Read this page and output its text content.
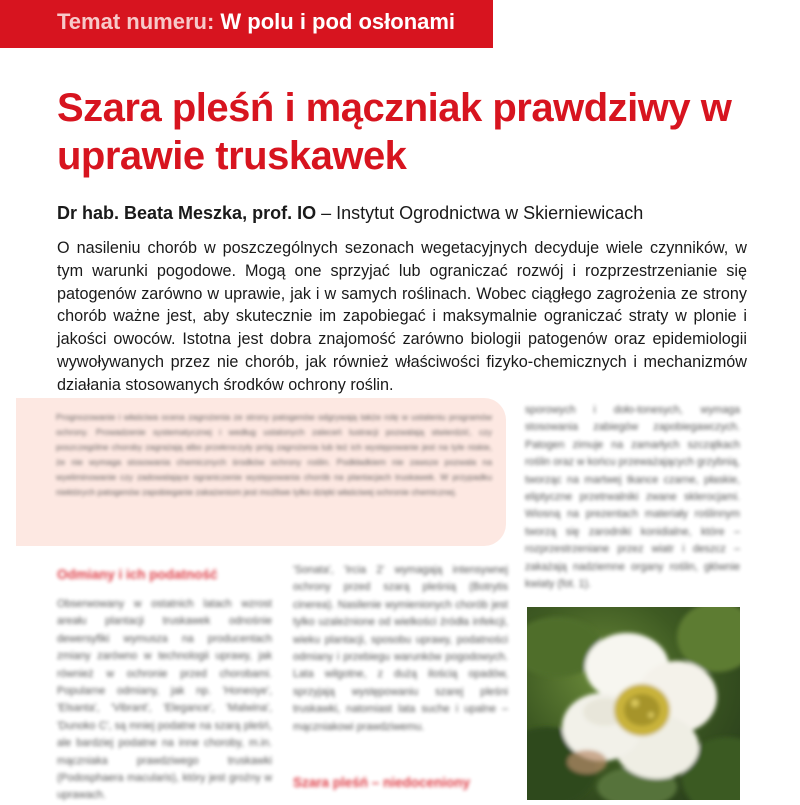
Temat numeru: W polu i pod osłonami
Szara pleśń i mączniak prawdziwy w uprawie truskawek
Dr hab. Beata Meszka, prof. IO – Instytut Ogrodnictwa w Skierniewicach

O nasileniu chorób w poszczególnych sezonach wegetacyjnych decyduje wiele czynników, w tym warunki pogodowe. Mogą one sprzyjać lub ograniczać rozwój i rozprzestrzenianie się patogenów zarówno w uprawie, jak i w samych roślinach. Wobec ciągłego zagrożenia ze strony chorób ważne jest, aby skutecznie im zapobiegać i maksymalnie ograniczać straty w plonie i jakości owoców. Istotna jest dobra znajomość zarówno biologii patogenów oraz epidemiologii wywoływanych przez nie chorób, jak również właściwości fizyko-chemicznych i mechanizmów działania stosowanych środków ochrony roślin.

Prognozowanie i właściwa ocena zagrożenia ze strony patogenów odgrywają także rolę w ustaleniu programów ochrony. Prowadzenie systematycznej i według ustalonych zaleceń lustracji pozwalają stwierdzić, czy poszczególne choroby zagrażają albo przekroczyły próg zagrożenia lub też ich występowanie jest na tyle niskie, że nie wymaga stosowania chemicznych środków ochrony roślin. Podkładkiem nie zawsze pozwala na wyeliminowanie czy zadowalające ograniczenie występowania chorób na plantacjach truskawek. W przypadku niektórych patogenów zapobieganie zakażeniom jest możliwe tylko dzięki właściwej ochronie chemicznej.

Odmiany i ich podatność

Obserwowany w ostatnich latach wzrost areału plantacji truskawek odnośnie dewersyfiki wymusza na producentach zmiany zarówno w technologii uprawy, jak również w ochronie przed chorobami. Popularne odmiany, jak np. 'Honeoye', 'Elsanta', 'Vibrant', 'Elegance', 'Malwina', 'Dunoko C', są mniej podatne na szarą pleśń, ale bardziej podatne na inne choroby, m.in. mączniaka prawdziwego truskawki (Podosphaera macularis), który jest groźny w uprawach.

'Sonata', 'Ircia 2' wymagają intensywnej ochrony przed szarą pleśnią (Botrytis cinerea). Nasilenie wymienionych chorób jest tylko uzależnione od wielkości źródła infekcji, wieku plantacji, sposobu uprawy, podatności odmiany i przebiegu warunków pogodowych. Lata wilgotne, z dużą ilością opadów, sprzyjają występowaniu szarej pleśni truskawki, natomiast lata suche i upalne – mączniakowi prawdziwemu.

Szara pleśń – niedoceniony

sporowych i doło-tonesych, wymaga stosowania zabiegów zapobiegawczych. Patogen zimuje na zamarłych szczątkach roślin oraz w końcu przeważających grzybnią, tworząc na martwej tkance czarne, płaskie, eliptyczne przetrwalniki zwane sklerocjami. Wiosną na prezentach materiały roślinnym tworzą się zarodniki konidialne, które – rozprzestrzeniane przez wiatr i deszcz – zakażają nadziemne organy roślin, głównie kwiaty (fot. 1).
